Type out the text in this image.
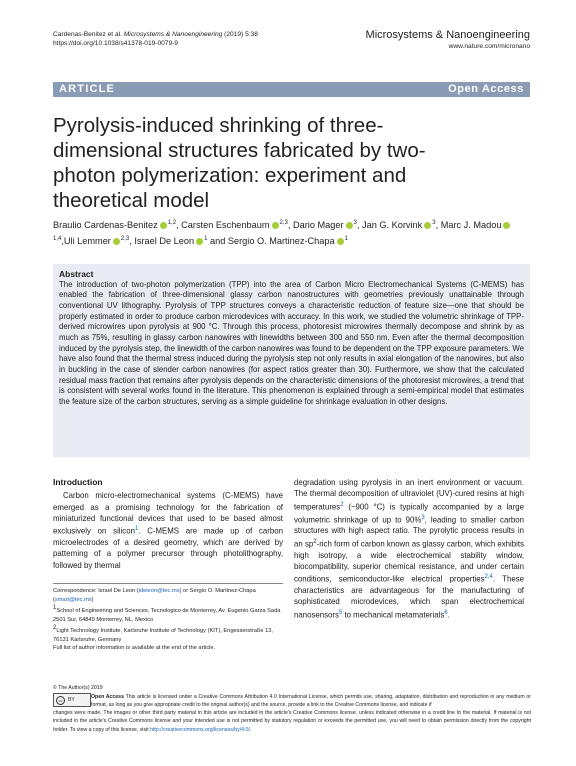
Cardenas-Benitez et al. Microsystems & Nanoengineering (2019) 5:38
https://doi.org/10.1038/s41378-019-0079-9
Microsystems & Nanoengineering
www.nature.com/micronano
ARTICLE	Open Access
Pyrolysis-induced shrinking of three-dimensional structures fabricated by two-photon polymerization: experiment and theoretical model
Braulio Cardenas-Benitez $^{1,2}$, Carsten Eschenbaum $^{2,3}$, Dario Mager $^3$, Jan G. Korvink $^3$, Marc J. Madou$^{1,4}$,Uli Lemmer $^{2,3}$, Israel De Leon $^1$ and Sergio O. Martinez-Chapa $^1$
Abstract
The introduction of two-photon polymerization (TPP) into the area of Carbon Micro Electromechanical Systems (C-MEMS) has enabled the fabrication of three-dimensional glassy carbon nanostructures with geometries previously unattainable through conventional UV lithography. Pyrolysis of TPP structures conveys a characteristic reduction of feature size—one that should be properly estimated in order to produce carbon microdevices with accuracy. In this work, we studied the volumetric shrinkage of TPP-derived microwires upon pyrolysis at 900 °C. Through this process, photoresist microwires thermally decompose and shrink by as much as 75%, resulting in glassy carbon nanowires with linewidths between 300 and 550 nm. Even after the thermal decomposition induced by the pyrolysis step, the linewidth of the carbon nanowires was found to be dependent on the TPP exposure parameters. We have also found that the thermal stress induced during the pyrolysis step not only results in axial elongation of the nanowires, but also in buckling in the case of slender carbon nanowires (for aspect ratios greater than 30). Furthermore, we show that the calculated residual mass fraction that remains after pyrolysis depends on the characteristic dimensions of the photoresist microwires, a trend that is consistent with several works found in the literature. This phenomenon is explained through a semi-empirical model that estimates the feature size of the carbon structures, serving as a simple guideline for shrinkage evaluation in other designs.
Introduction

Carbon micro-electromechanical systems (C-MEMS) have emerged as a promising technology for the fabrication of miniaturized functional devices that used to be based almost exclusively on silicon$^1$. C-MEMS are made up of carbon microelectrodes of a desired geometry, which are derived by patterning of a polymer precursor through photolithography, followed by thermal

degradation using pyrolysis in an inert environment or vacuum. The thermal decomposition of ultraviolet (UV)-cured resins at high temperatures$^2$ (~900 °C) is typically accompanied by a large volumetric shrinkage of up to 90%$^3$, leading to smaller carbon structures with high aspect ratio. The pyrolytic process results in an $sp^2$-rich form of carbon known as glassy carbon, which exhibits high isotropy, a wide electrochemical stability window, biocompatibility, superior chemical resistance, and under certain conditions, semiconductor-like electrical properties$^{2,4}$. These characteristics are advantageous for the manufacturing of sophisticated microdevices, which span electrochemical nanosensors$^5$ to mechanical metamaterials$^6$.

Correspondence: Israel De Leon (ideleon@tec.mx) or Sergio O. Martinez-Chapa (smart@tec.mx)

$^1$School of Engineering and Sciences, Tecnologico de Monterrey, Av. Eugenio Garza Sada 2501 Sur, 64849 Monterrey, NL, Mexico

$^2$Light Technology Institute, Karlsruhe Institute of Technology (KIT), Engesserstraße 13, 76131 Karlsruhe, Germany

Full list of author information is available at the end of the article.

© The Author(s) 2019
cc	BY	Open Access This article is licensed under a Creative Commons Attribution 4.0 International License, which permits use, sharing, adaptation, distribution and reproduction in any medium or format, as long as you give appropriate credit to the original author(s) and the source, provide a link to the Creative Commons license, and indicate if
changes were made. The images or other third party material in this article are included in the article's Creative Commons license, unless indicated otherwise in a credit line to the material. If material is not included in the article's Creative Commons license and your intended use is not permitted by statutory regulation or exceeds the permitted use, you will need to obtain permission directly from the copyright holder. To view a copy of this license, visit http://creativecommons.org/licenses/by/4.0/.
